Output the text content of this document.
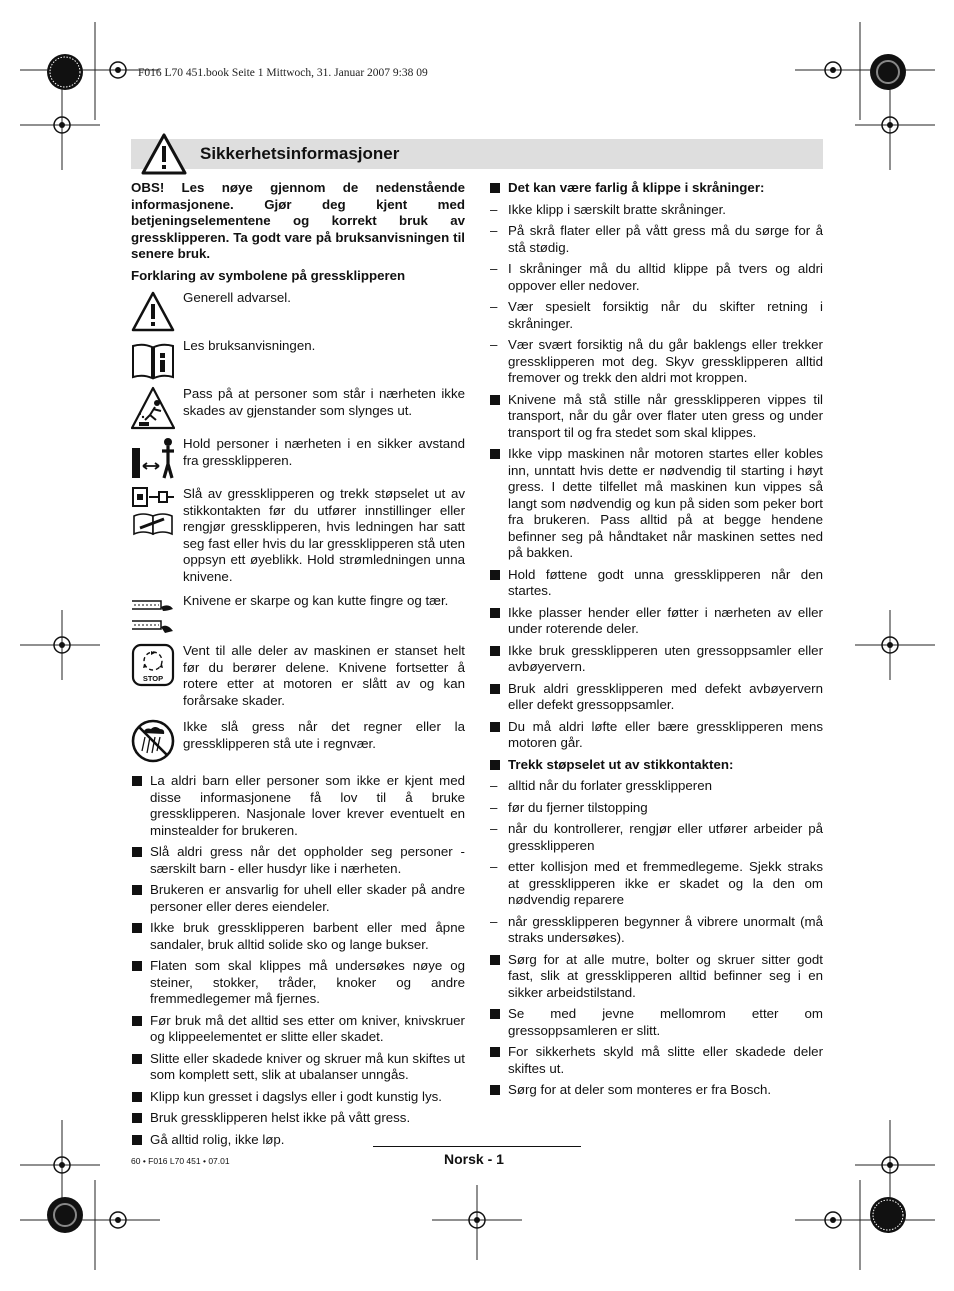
F016 L70 451.book Seite 1 Mittwoch, 31. Januar 2007 9:38 09
Sikkerhetsinformasjoner

OBS! Les nøye gjennom de nedenstående informasjonene. Gjør deg kjent med betjeningselementene og korrekt bruk av gressklipperen. Ta godt vare på bruksanvisningen til senere bruk.

Forklaring av symbolene på gressklipperen

Generell advarsel.
Les bruksanvisningen.
Pass på at personer som står i nærheten ikke skades av gjenstander som slynges ut.
Hold personer i nærheten i en sikker avstand fra gressklipperen.
Slå av gressklipperen og trekk støpselet ut av stikkontakten før du utfører innstillinger eller rengjør gressklipperen, hvis ledningen har satt seg fast eller hvis du lar gressklipperen stå uten oppsyn ett øyeblikk. Hold strømledningen unna knivene.
Knivene er skarpe og kan kutte fingre og tær.
STOP
Vent til alle deler av maskinen er stanset helt før du berører delene. Knivene fortsetter å rotere etter at motoren er slått av og kan forårsake skader.
Ikke slå gress når det regner eller la gressklipperen stå ute i regnvær.
La aldri barn eller personer som ikke er kjent med disse informasjonene få lov til å bruke gressklipperen. Nasjonale lover krever eventuelt en minstealder for brukeren.
Slå aldri gress når det oppholder seg personer - særskilt barn - eller husdyr like i nærheten.
Brukeren er ansvarlig for uhell eller skader på andre personer eller deres eiendeler.
Ikke bruk gressklipperen barbent eller med åpne sandaler, bruk alltid solide sko og lange bukser.
Flaten som skal klippes må undersøkes nøye og steiner, stokker, tråder, knoker og andre fremmedlegemer må fjernes.
Før bruk må det alltid ses etter om kniver, knivskruer og klippeelementet er slitte eller skadet.
Slitte eller skadede kniver og skruer må kun skiftes ut som komplett sett, slik at ubalanser unngås.
Klipp kun gresset i dagslys eller i godt kunstig lys.
Bruk gressklipperen helst ikke på vått gress.
Gå alltid rolig, ikke løp.
Det kan være farlig å klippe i skråninger:
– Ikke klipp i særskilt bratte skråninger.
– På skrå flater eller på vått gress må du sørge for å stå stødig.
– I skråninger må du alltid klippe på tvers og aldri oppover eller nedover.
– Vær spesielt forsiktig når du skifter retning i skråninger.
– Vær svært forsiktig nå du går baklengs eller trekker gressklipperen mot deg. Skyv gressklipperen alltid fremover og trekk den aldri mot kroppen.
Knivene må stå stille når gressklipperen vippes til transport, når du går over flater uten gress og under transport til og fra stedet som skal klippes.
Ikke vipp maskinen når motoren startes eller kobles inn, unntatt hvis dette er nødvendig til starting i høyt gress. I dette tilfellet må maskinen kun vippes så langt som nødvendig og kun på siden som peker bort fra brukeren. Pass alltid på at begge hendene befinner seg på håndtaket når maskinen settes ned på bakken.
Hold føttene godt unna gressklipperen når den startes.
Ikke plasser hender eller føtter i nærheten av eller under roterende deler.
Ikke bruk gressklipperen uten gressoppsamler eller avbøyervern.
Bruk aldri gressklipperen med defekt avbøyervern eller defekt gressoppsamler.
Du må aldri løfte eller bære gressklipperen mens motoren går.
Trekk støpselet ut av stikkontakten:
– alltid når du forlater gressklipperen
– før du fjerner tilstopping
– når du kontrollerer, rengjør eller utfører arbeider på gressklipperen
– etter kollisjon med et fremmedlegeme. Sjekk straks at gressklipperen ikke er skadet og la den om nødvendig reparere
– når gressklipperen begynner å vibrere unormalt (må straks undersøkes).
Sørg for at alle mutre, bolter og skruer sitter godt fast, slik at gressklipperen alltid befinner seg i en sikker arbeidstilstand.
Se med jevne mellomrom etter om gressoppsamleren er slitt.
For sikkerhets skyld må slitte eller skadede deler skiftes ut.
Sørg for at deler som monteres er fra Bosch.
60 • F016 L70 451 • 07.01	Norsk - 1
